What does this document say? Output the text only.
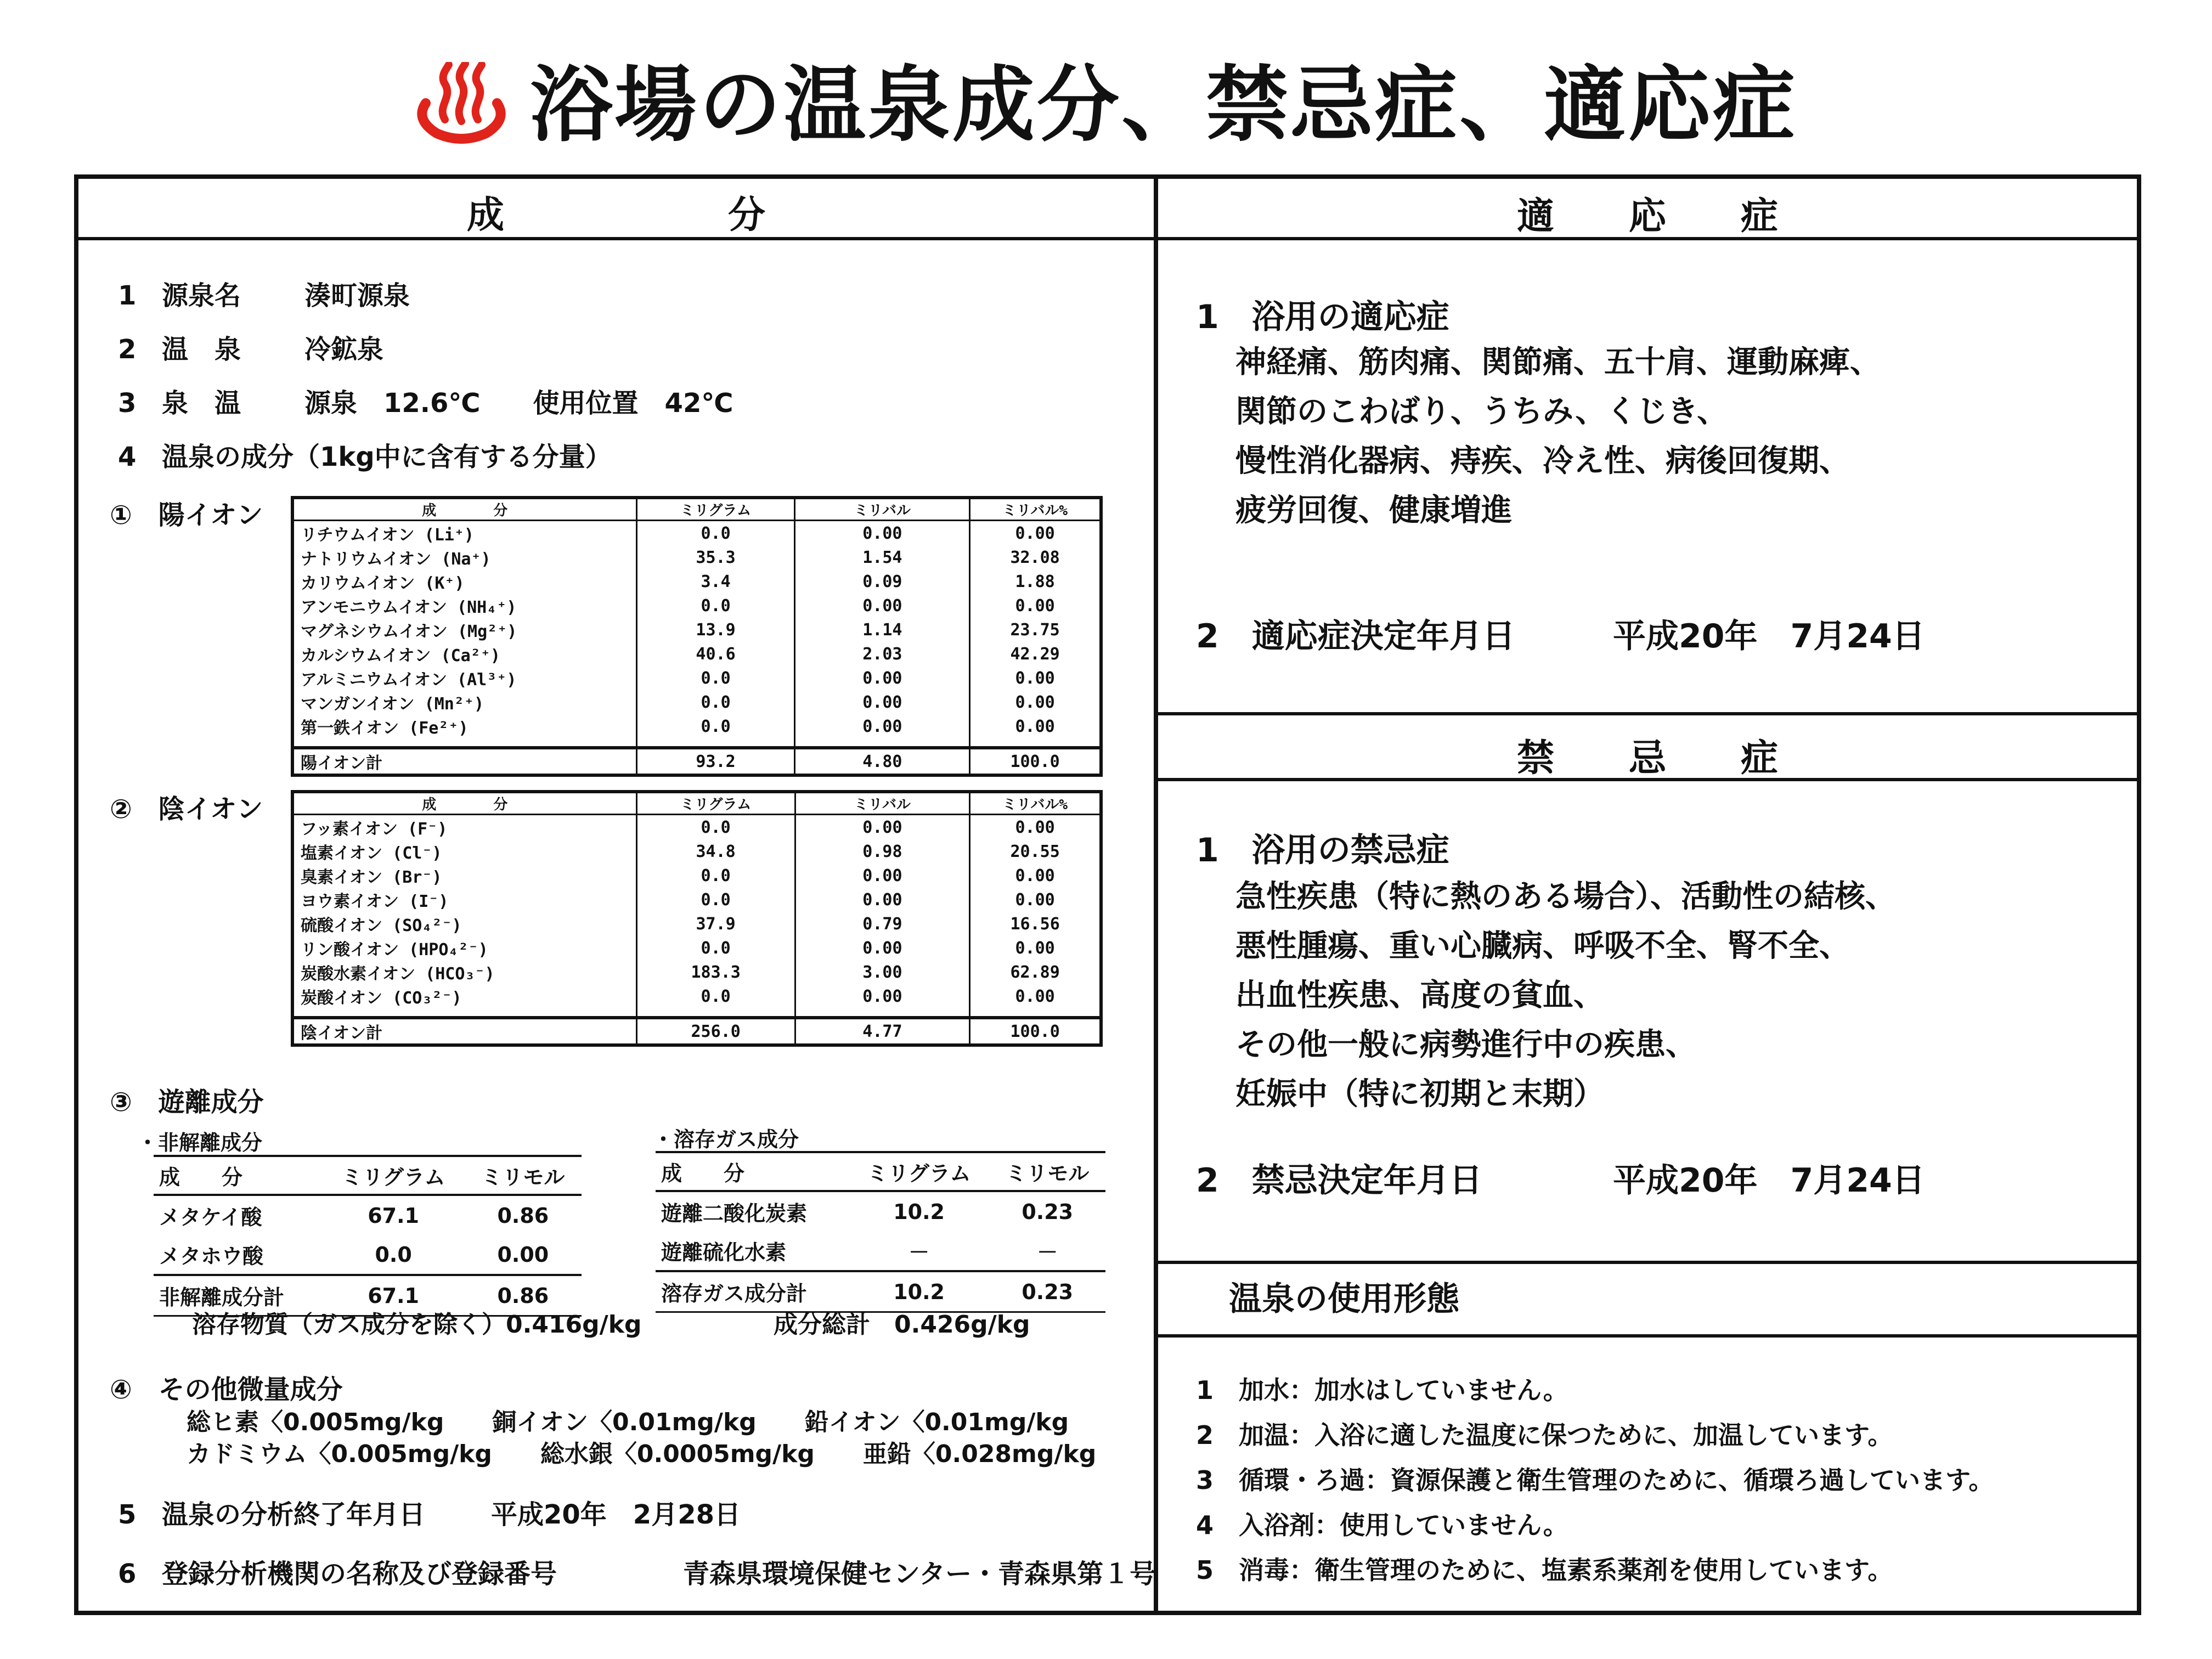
浴場の温泉成分、禁忌症、適応症
成　　　　　　分	適　　応　　症
禁　　忌　　症
温泉の使用形態
1 源泉名 湊町源泉
2 温　泉 冷鉱泉
3 泉　温 源泉　12.6℃　　使用位置　42℃
4 温泉の成分（1kg中に含有する分量）
①　陽イオン	成　　　　分	ミリグラム	ミリバル	ミリバル%
リチウムイオン (Li⁺)	0.0	0.00	0.00
ナトリウムイオン (Na⁺)	35.3	1.54	32.08
カリウムイオン (K⁺)	3.4	0.09	1.88
アンモニウムイオン (NH₄⁺)	0.0	0.00	0.00
マグネシウムイオン (Mg²⁺)	13.9	1.14	23.75
カルシウムイオン (Ca²⁺)	40.6	2.03	42.29
アルミニウムイオン (Al³⁺)	0.0	0.00	0.00
マンガンイオン (Mn²⁺)	0.0	0.00	0.00
第一鉄イオン (Fe²⁺)	0.0	0.00	0.00
陽イオン計	93.2	4.80	100.0
②　陰イオン	成　　　　分	ミリグラム	ミリバル	ミリバル%
フッ素イオン (F⁻)	0.0	0.00	0.00
塩素イオン (Cl⁻)	34.8	0.98	20.55
臭素イオン (Br⁻)	0.0	0.00	0.00
ヨウ素イオン (I⁻)	0.0	0.00	0.00
硫酸イオン (SO₄²⁻)	37.9	0.79	16.56
リン酸イオン (HPO₄²⁻)	0.0	0.00	0.00
炭酸水素イオン (HCO₃⁻)	183.3	3.00	62.89
炭酸イオン (CO₃²⁻)	0.0	0.00	0.00
陰イオン計	256.0	4.77	100.0
③　遊離成分
・非解離成分
成　　分	ミリグラム	ミリモル
メタケイ酸	67.1	0.86
メタホウ酸	0.0	0.00
非解離成分計	67.1	0.86
・溶存ガス成分
成　　分	ミリグラム	ミリモル
遊離二酸化炭素	10.2	0.23
遊離硫化水素	－	－
溶存ガス成分計	10.2	0.23
溶存物質（ガス成分を除く）0.416g/kg	成分総計　0.426g/kg
④　その他微量成分
総ヒ素〈0.005mg/kg　　銅イオン〈0.01mg/kg　　鉛イオン〈0.01mg/kg
カドミウム〈0.005mg/kg　　総水銀〈0.0005mg/kg　　亜鉛〈0.028mg/kg
5 温泉の分析終了年月日 平成20年　2月28日
6 登録分析機関の名称及び登録番号	青森県環境保健センター・青森県第１号
1　浴用の適応症
神経痛、筋肉痛、関節痛、五十肩、運動麻痺、
関節のこわばり、うちみ、くじき、
慢性消化器病、痔疾、冷え性、病後回復期、
疲労回復、健康増進
2　適応症決定年月日	平成20年　7月24日
1　浴用の禁忌症
急性疾患（特に熱のある場合）、活動性の結核、
悪性腫瘍、重い心臓病、呼吸不全、腎不全、
出血性疾患、高度の貧血、
その他一般に病勢進行中の疾患、
妊娠中（特に初期と末期）
2　禁忌決定年月日	平成20年　7月24日
1　加水：加水はしていません。
2　加温：入浴に適した温度に保つために、加温しています。
3　循環・ろ過：資源保護と衛生管理のために、循環ろ過しています。
4　入浴剤：使用していません。
5　消毒：衛生管理のために、塩素系薬剤を使用しています。
